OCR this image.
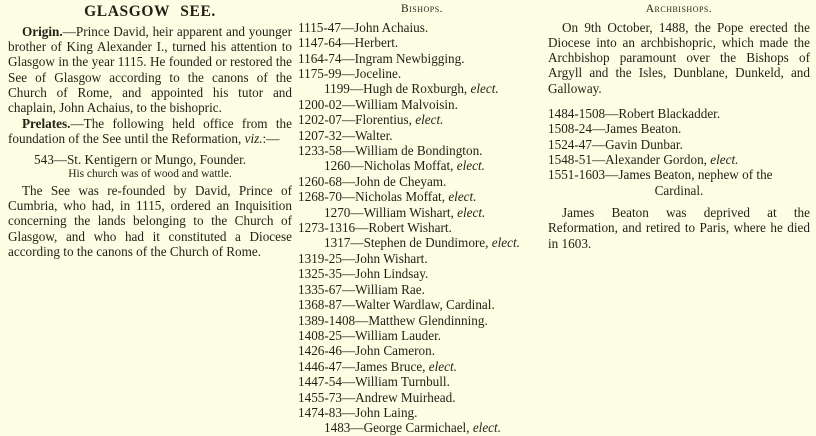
GLASGOW SEE.

Origin.—Prince David, heir apparent and younger brother of King Alexander I., turned his attention to Glasgow in the year 1115. He founded or restored the See of Glasgow according to the canons of the Church of Rome, and appointed his tutor and chaplain, John Achaius, to the bishopric.

Prelates.—The following held office from the foundation of the See until the Reformation, viz.:—

543—St. Kentigern or Mungo, Founder.
His church was of wood and wattle.

The See was re-founded by David, Prince of Cumbria, who had, in 1115, ordered an Inquisition concerning the lands belonging to the Church of Glasgow, and who had it constituted a Diocese according to the canons of the Church of Rome.

Bishops.
1115-47—John Achaius.
1147-64—Herbert.
1164-74—Ingram Newbigging.
1175-99—Joceline.
1199—Hugh de Roxburgh, elect.
1200-02—William Malvoisin.
1202-07—Florentius, elect.
1207-32—Walter.
1233-58—William de Bondington.
1260—Nicholas Moffat, elect.
1260-68—John de Cheyam.
1268-70—Nicholas Moffat, elect.
1270—William Wishart, elect.
1273-1316—Robert Wishart.
1317—Stephen de Dundimore, elect.
1319-25—John Wishart.
1325-35—John Lindsay.
1335-67—William Rae.
1368-87—Walter Wardlaw, Cardinal.
1389-1408—Matthew Glendinning.
1408-25—William Lauder.
1426-46—John Cameron.
1446-47—James Bruce, elect.
1447-54—William Turnbull.
1455-73—Andrew Muirhead.
1474-83—John Laing.
1483—George Carmichael, elect.
Archbishops.

On 9th October, 1488, the Pope erected the Diocese into an archbishopric, which made the Archbishop paramount over the Bishops of Argyll and the Isles, Dunblane, Dunkeld, and Galloway.

1484-1508—Robert Blackadder.
1508-24—James Beaton.
1524-47—Gavin Dunbar.
1548-51—Alexander Gordon, elect.
1551-1603—James Beaton, nephew of the
Cardinal.

James Beaton was deprived at the Reformation, and retired to Paris, where he died in 1603.
